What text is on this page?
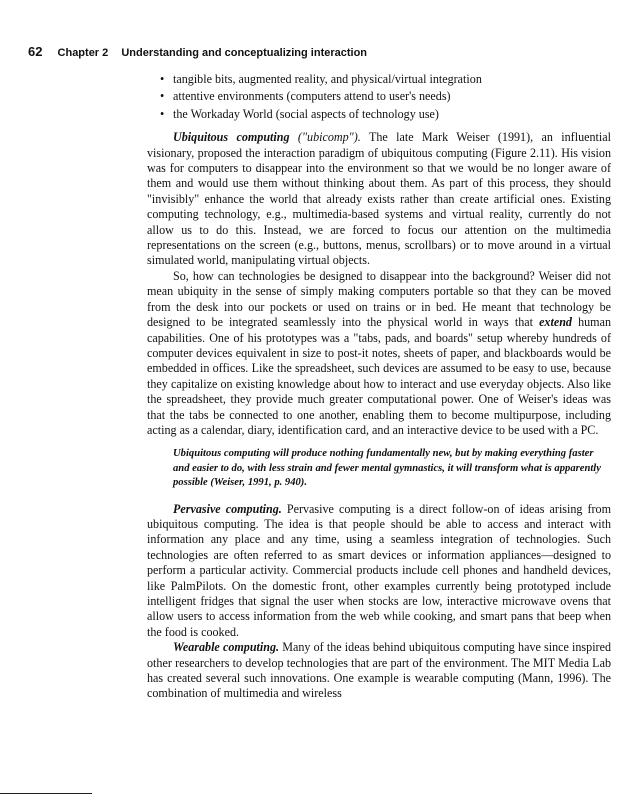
62 Chapter 2 Understanding and conceptualizing interaction
• tangible bits, augmented reality, and physical/virtual integration
• attentive environments (computers attend to user's needs)
• the Workaday World (social aspects of technology use)

Ubiquitous computing ("ubicomp"). The late Mark Weiser (1991), an influential visionary, proposed the interaction paradigm of ubiquitous computing (Figure 2.11). His vision was for computers to disappear into the environment so that we would be no longer aware of them and would use them without thinking about them. As part of this process, they should "invisibly" enhance the world that already exists rather than create artificial ones. Existing computing technology, e.g., multimedia-based systems and virtual reality, currently do not allow us to do this. Instead, we are forced to focus our attention on the multimedia representations on the screen (e.g., buttons, menus, scrollbars) or to move around in a virtual simulated world, manipulating virtual objects.

So, how can technologies be designed to disappear into the background? Weiser did not mean ubiquity in the sense of simply making computers portable so that they can be moved from the desk into our pockets or used on trains or in bed. He meant that technology be designed to be integrated seamlessly into the physical world in ways that extend human capabilities. One of his prototypes was a "tabs, pads, and boards" setup whereby hundreds of computer devices equivalent in size to post-it notes, sheets of paper, and blackboards would be embedded in offices. Like the spreadsheet, such devices are assumed to be easy to use, because they capitalize on existing knowledge about how to interact and use everyday objects. Also like the spreadsheet, they provide much greater computational power. One of Weiser's ideas was that the tabs be connected to one another, enabling them to become multipurpose, including acting as a calendar, diary, identification card, and an interactive device to be used with a PC.

Ubiquitous computing will produce nothing fundamentally new, but by making everything faster and easier to do, with less strain and fewer mental gymnastics, it will transform what is apparently possible (Weiser, 1991, p. 940).

Pervasive computing. Pervasive computing is a direct follow-on of ideas arising from ubiquitous computing. The idea is that people should be able to access and interact with information any place and any time, using a seamless integration of technologies. Such technologies are often referred to as smart devices or information appliances—designed to perform a particular activity. Commercial products include cell phones and handheld devices, like PalmPilots. On the domestic front, other examples currently being prototyped include intelligent fridges that signal the user when stocks are low, interactive microwave ovens that allow users to access information from the web while cooking, and smart pans that beep when the food is cooked.

Wearable computing. Many of the ideas behind ubiquitous computing have since inspired other researchers to develop technologies that are part of the environment. The MIT Media Lab has created several such innovations. One example is wearable computing (Mann, 1996). The combination of multimedia and wireless
